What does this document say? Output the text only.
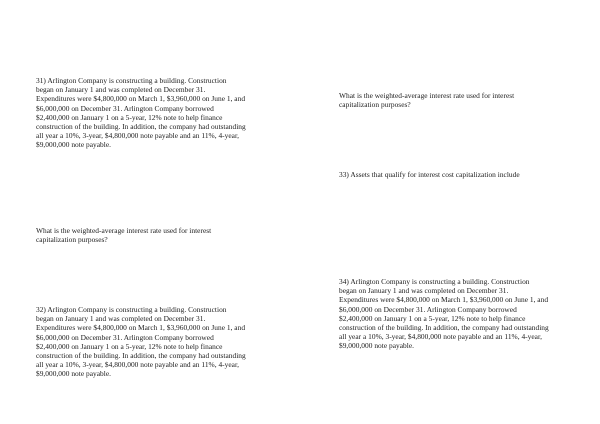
31) Arlington Company is constructing a building. Construction
began on January 1 and was completed on December 31.
Expenditures were $4,800,000 on March 1, $3,960,000 on June 1, and
$6,000,000 on December 31. Arlington Company borrowed
$2,400,000 on January 1 on a 5-year, 12% note to help finance
construction of the building. In addition, the company had outstanding
all year a 10%, 3-year, $4,800,000 note payable and an 11%, 4-year,
$9,000,000 note payable.
What is the weighted-average interest rate used for interest
capitalization purposes?
32) Arlington Company is constructing a building. Construction
began on January 1 and was completed on December 31.
Expenditures were $4,800,000 on March 1, $3,960,000 on June 1, and
$6,000,000 on December 31. Arlington Company borrowed
$2,400,000 on January 1 on a 5-year, 12% note to help finance
construction of the building. In addition, the company had outstanding
all year a 10%, 3-year, $4,800,000 note payable and an 11%, 4-year,
$9,000,000 note payable.
What is the weighted-average interest rate used for interest
capitalization purposes?
33) Assets that qualify for interest cost capitalization include
34) Arlington Company is constructing a building. Construction
began on January 1 and was completed on December 31.
Expenditures were $4,800,000 on March 1, $3,960,000 on June 1, and
$6,000,000 on December 31. Arlington Company borrowed
$2,400,000 on January 1 on a 5-year, 12% note to help finance
construction of the building. In addition, the company had outstanding
all year a 10%, 3-year, $4,800,000 note payable and an 11%, 4-year,
$9,000,000 note payable.
